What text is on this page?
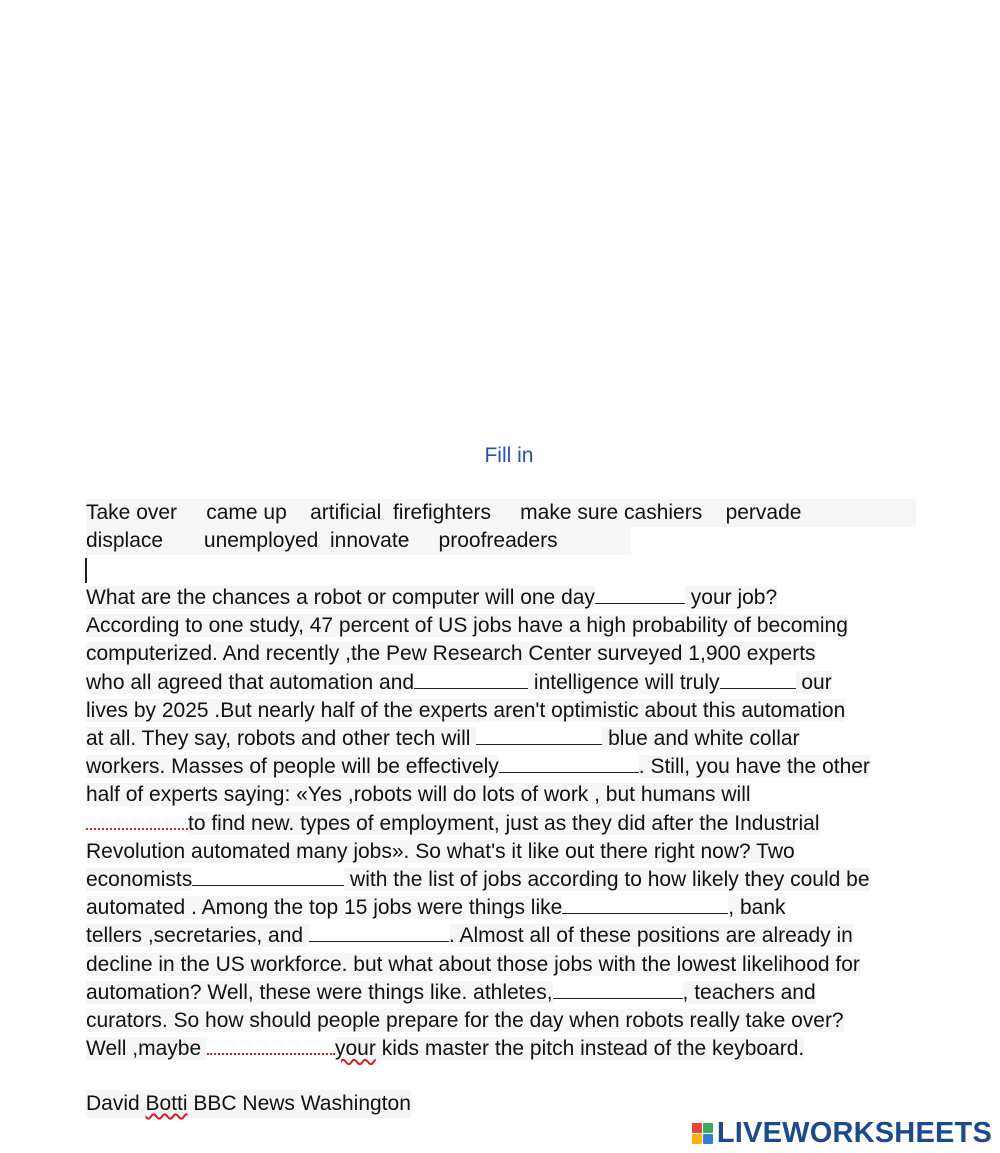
Fill in
Take over     came up    artificial  firefighters     make sure cashiers    pervade
displace       unemployed  innovate     proofreaders
What are the chances a robot or computer will one day	your job?
According to one study, 47 percent of US jobs have a high probability of becoming
computerized. And recently ,the Pew Research Center surveyed 1,900 experts
who all agreed that automation and	intelligence will truly	our
lives by 2025 .But nearly half of the experts aren't optimistic about this automation
at all. They say, robots and other tech will	blue and white collar
workers. Masses of people will be effectively	. Still, you have the other
half of experts saying: «Yes ,robots will do lots of work , but humans will
to find new. types of employment, just as they did after the Industrial
Revolution automated many jobs». So what's it like out there right now? Two
economists	with the list of jobs according to how likely they could be
automated . Among the top 15 jobs were things like	, bank
tellers ,secretaries, and	. Almost all of these positions are already in
decline in the US workforce. but what about those jobs with the lowest likelihood for
automation? Well, these were things like. athletes,	, teachers and
curators. So how should people prepare for the day when robots really take over?
Well ,maybe	your kids master the pitch instead of the keyboard.
David Botti BBC News Washington
LIVEWORKSHEETS
